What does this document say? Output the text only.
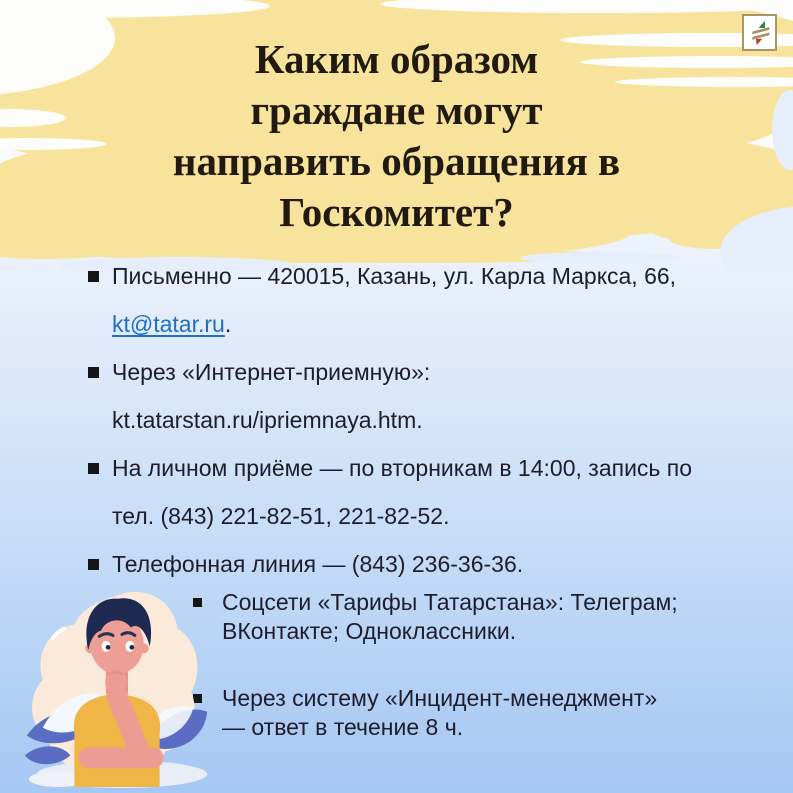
Каким образом
граждане могут
направить обращения в
Госкомитет?
Письменно — 420015, Казань, ул. Карла Маркса, 66,
kt@tatar.ru.
Через «Интернет-приемную»:
kt.tatarstan.ru/ipriemnaya.htm.
На личном приёме — по вторникам в 14:00, запись по
тел. (843) 221-82-51, 221-82-52.
Телефонная линия — (843) 236-36-36.
Соцсети «Тарифы Татарстана»: Телеграм;
ВКонтакте; Одноклассники.
Через систему «Инцидент-менеджмент»
— ответ в течение 8 ч.
